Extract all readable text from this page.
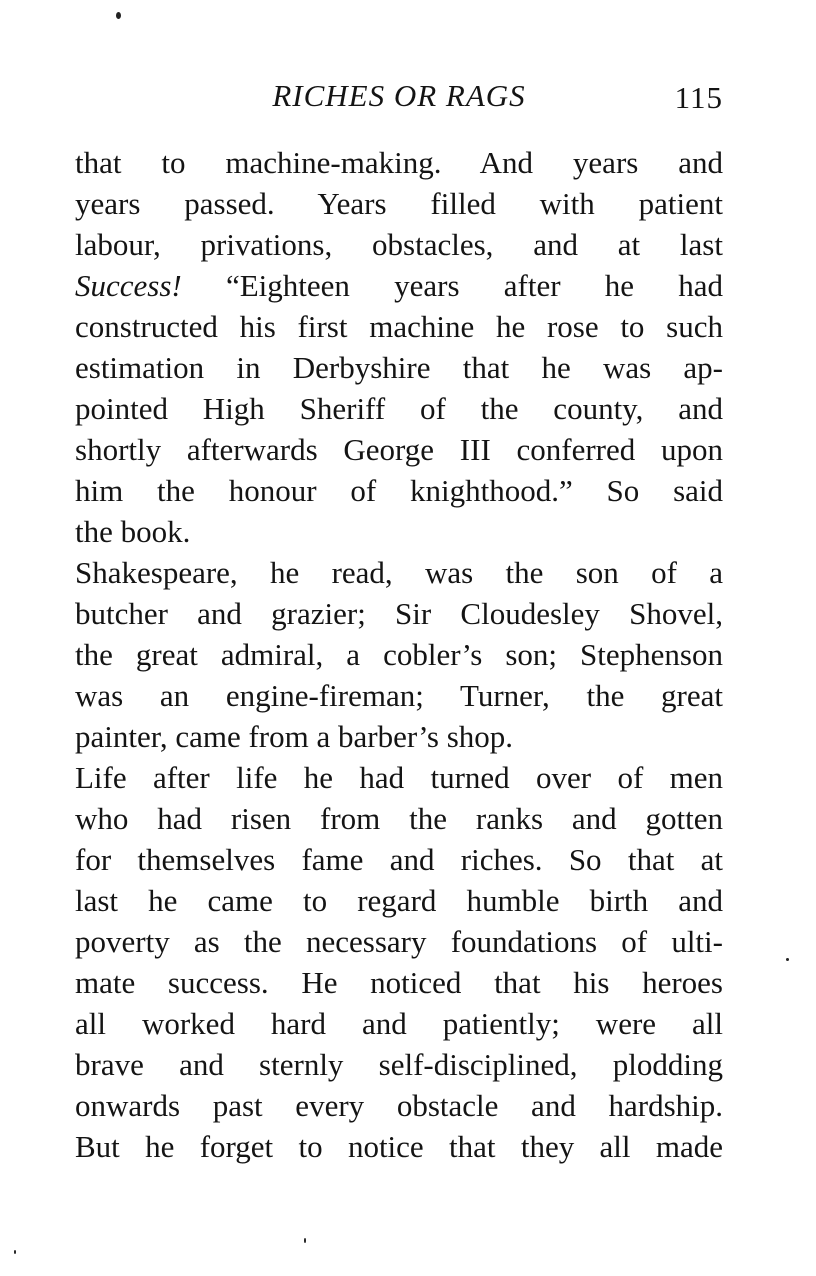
RICHES OR RAGS	115
that to machine-making. And years and
years passed. Years filled with patient
labour, privations, obstacles, and at last
Success! “Eighteen years after he had
constructed his first machine he rose to such
estimation in Derbyshire that he was ap-
pointed High Sheriff of the county, and
shortly afterwards George III conferred upon
him the honour of knighthood.” So said
the book.
Shakespeare, he read, was the son of a
butcher and grazier; Sir Cloudesley Shovel,
the great admiral, a cobler’s son; Stephenson
was an engine-fireman; Turner, the great
painter, came from a barber’s shop.
Life after life he had turned over of men
who had risen from the ranks and gotten
for themselves fame and riches. So that at
last he came to regard humble birth and
poverty as the necessary foundations of ulti-
mate success. He noticed that his heroes
all worked hard and patiently; were all
brave and sternly self-disciplined, plodding
onwards past every obstacle and hardship.
But he forget to notice that they all made
